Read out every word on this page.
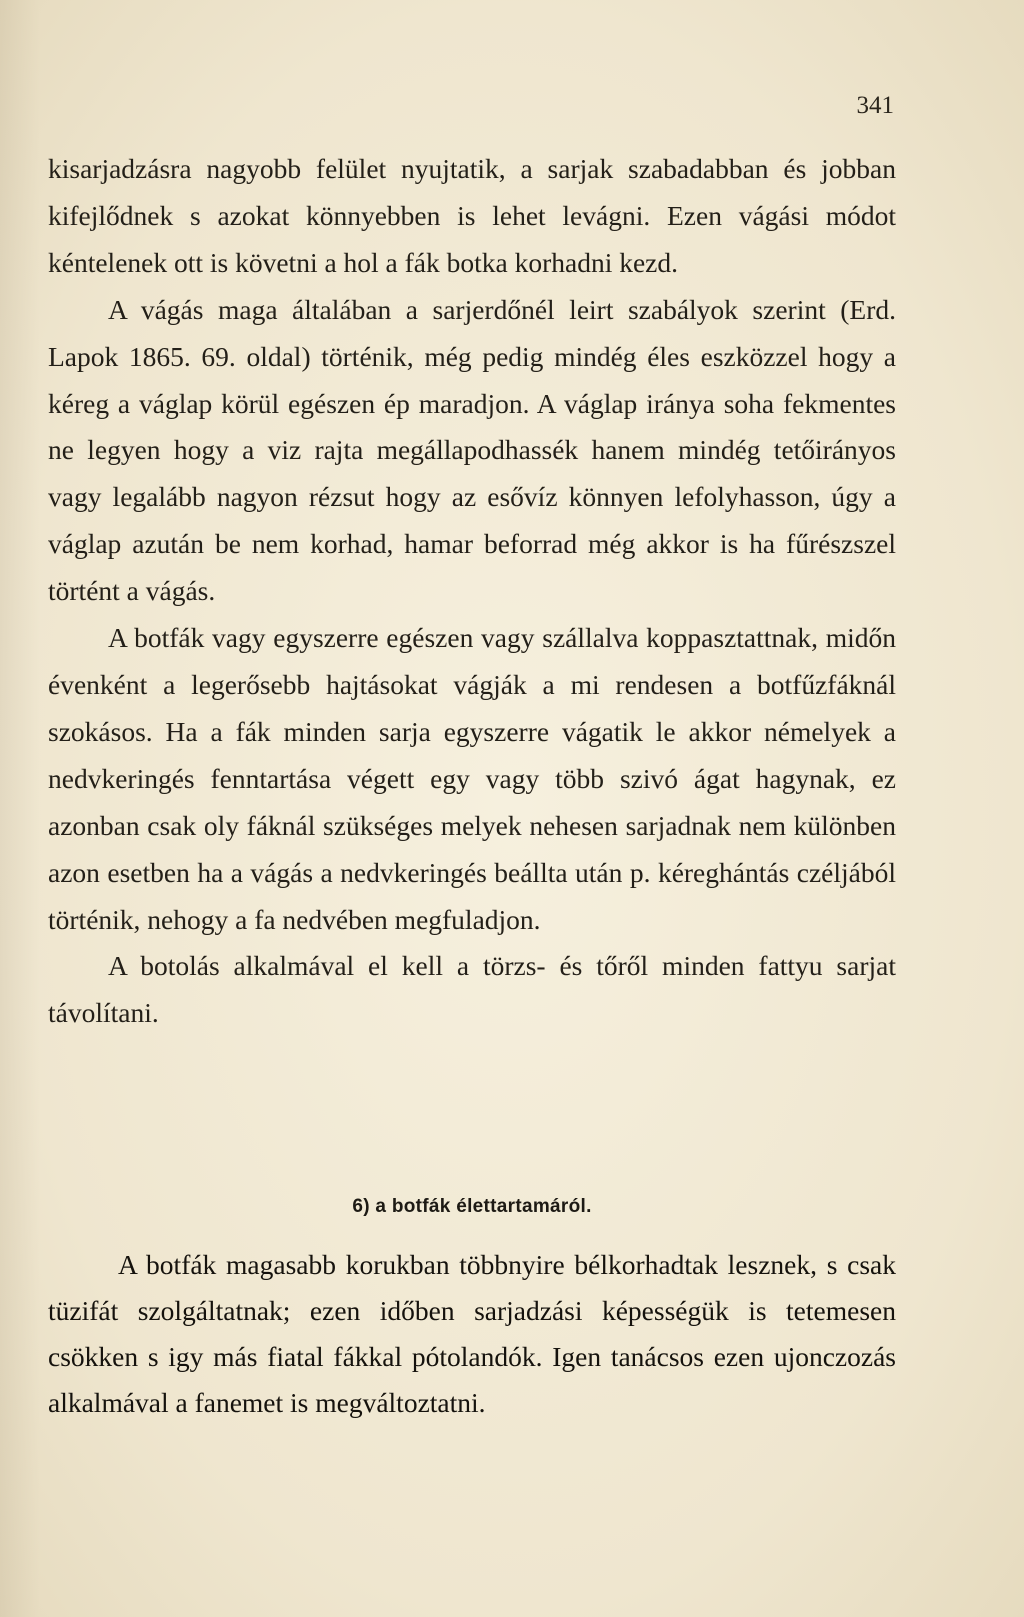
341

kisarjadzásra nagyobb felület nyujtatik, a sarjak szabadabban és jobban kifejlődnek s azokat könnyebben is lehet levágni. Ezen vágási módot kéntelenek ott is követni a hol a fák botka korhadni kezd.

A vágás maga általában a sarjerdőnél leirt szabályok szerint (Erd. Lapok 1865. 69. oldal) történik, még pedig mindég éles eszközzel hogy a kéreg a váglap körül egészen ép maradjon. A váglap iránya soha fekmentes ne legyen hogy a viz rajta megállapodhassék hanem mindég tetőirányos vagy legalább nagyon rézsut hogy az esővíz könnyen lefolyhasson, úgy a váglap azután be nem korhad, hamar beforrad még akkor is ha fűrészszel történt a vágás.

A botfák vagy egyszerre egészen vagy szállalva koppasztattnak, midőn évenként a legerősebb hajtásokat vágják a mi rendesen a botfűzfáknál szokásos. Ha a fák minden sarja egyszerre vágatik le akkor némelyek a nedvkeringés fenntartása végett egy vagy több szivó ágat hagynak, ez azonban csak oly fáknál szükséges melyek nehesen sarjadnak nem különben azon esetben ha a vágás a nedvkeringés beállta után p. kéreghántás czéljából történik, nehogy a fa nedvében megfuladjon.

A botolás alkalmával el kell a törzs- és tőről minden fattyu sarjat távolítani.

6) a botfák élettartamáról.

A botfák magasabb korukban többnyire bélkorhadtak lesznek, s csak tüzifát szolgáltatnak; ezen időben sarjadzási képességük is tetemesen csökken s igy más fiatal fákkal pótolandók. Igen tanácsos ezen ujonczozás alkalmával a fanemet is megváltoztatni.
